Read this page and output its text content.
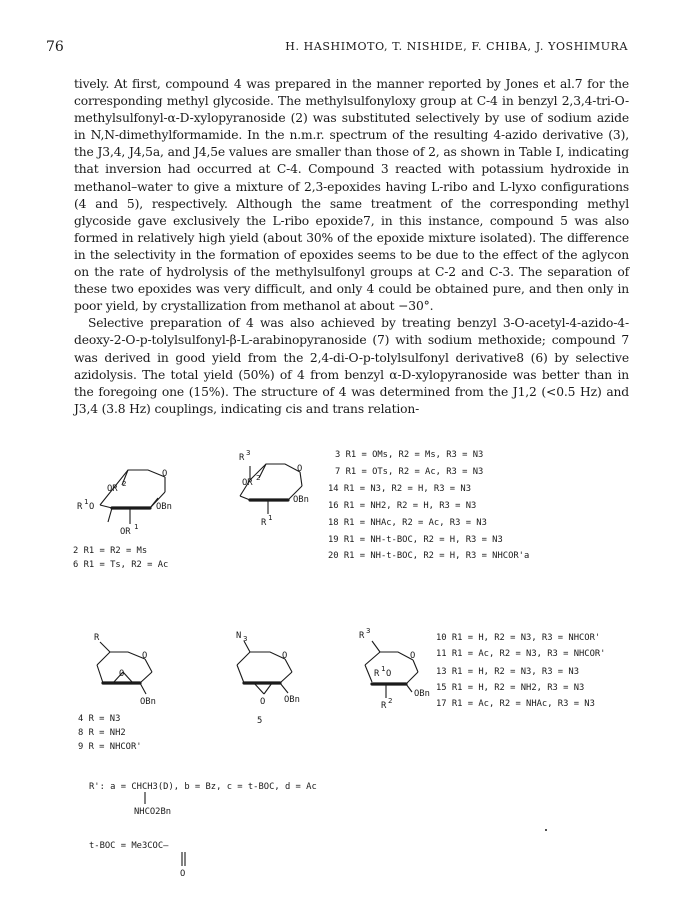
76	H. HASHIMOTO, T. NISHIDE, F. CHIBA, J. YOSHIMURA

tively. At first, compound 4 was prepared in the manner reported by Jones et al.7 for the corresponding methyl glycoside. The methylsulfonyloxy group at C-4 in benzyl 2,3,4-tri-O-methylsulfonyl-α-D-xylopyranoside (2) was substituted selectively by use of sodium azide in N,N-dimethylformamide. In the n.m.r. spectrum of the resulting 4-azido derivative (3), the J3,4, J4,5a, and J4,5e values are smaller than those of 2, as shown in Table I, indicating that inversion had occurred at C-4. Compound 3 reacted with potassium hydroxide in methanol–water to give a mixture of 2,3-epoxides having L-ribo and L-lyxo configurations (4 and 5), respectively. Although the same treatment of the corresponding methyl glycoside gave exclusively the L-ribo epoxide7, in this instance, compound 5 was also formed in relatively high yield (about 30% of the epoxide mixture isolated). The difference in the selectivity in the formation of epoxides seems to be due to the effect of the aglycon on the rate of hydrolysis of the methylsulfonyl groups at C-2 and C-3. The separation of these two epoxides was very difficult, and only 4 could be obtained pure, and then only in poor yield, by crystallization from methanol at about −30°.

Selective preparation of 4 was also achieved by treating benzyl 3-O-acetyl-4-azido-4-deoxy-2-O-p-tolylsulfonyl-β-L-arabinopyranoside (7) with sodium methoxide; compound 7 was derived in good yield from the 2,4-di-O-p-tolylsulfonyl derivative8 (6) by selective azidolysis. The total yield (50%) of 4 from benzyl α-D-xylopyranoside was better than in the foregoing one (15%). The structure of 4 was determined from the J1,2 (<0.5 Hz) and J3,4 (3.8 Hz) couplings, indicating cis and trans relation-

O
OR
2
R
1
O	OBn
OR
1
2 R1 = R2 = Ms
6 R1 = Ts, R2 = Ac
O
R
3
OR
2
OBn
R
1
3 R1 = OMs, R2 = Ms, R3 = N3
7 R1 = OTs, R2 = Ac, R3 = N3
14 R1 = N3, R2 = H, R3 = N3
16 R1 = NH2, R2 = H, R3 = N3
18 R1 = NHAc, R2 = Ac, R3 = N3
19 R1 = NH-t-BOC, R2 = H, R3 = N3
20 R1 = NH-t-BOC, R2 = H, R3 = NHCOR'a
O
R
O
OBn
4 R = N3
8 R = NH2
9 R = NHCOR'
O
N 3
O OBn
5
O
R
3
R
1
O
OBn
R
2
10 R1 = H, R2 = N3, R3 = NHCOR'
11 R1 = Ac, R2 = N3, R3 = NHCOR'
13 R1 = H, R2 = N3, R3 = N3
15 R1 = H, R2 = NH2, R3 = N3
17 R1 = Ac, R2 = NHAc, R3 = N3
R': a = CHCH3(D), b = Bz, c = t-BOC, d = Ac
NHCO2Bn
t-BOC = Me3COC—
O
